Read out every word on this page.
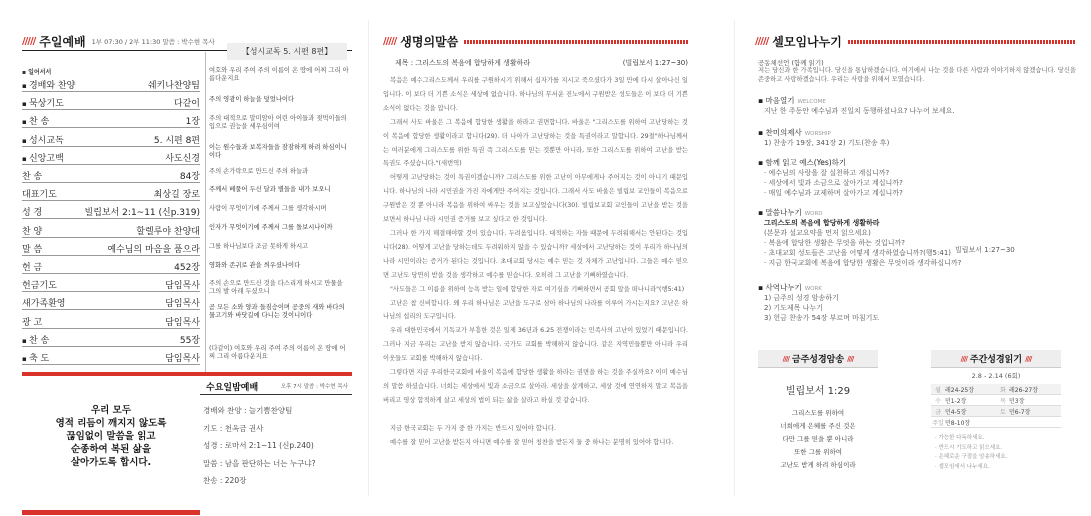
///// 주일예배 1부 07:30 / 2부 11:30 말씀 : 박수현 목사
▪ 일어서서
▪ 경배와 찬양	쉐키나찬양팀
▪ 묵상기도	다같이
▪ 찬 송	1장
▪ 성시교독	5. 시편 8편
▪ 신앙고백	사도신경
찬 송	84장
대표기도	최상길 장로
성 경	빌립보서 2:1~11 (신p.319)
찬 양	할렐루야 찬양대
말 씀	예수님의 마음을 품으라
헌 금	452장
헌금기도	담임목사
새가족환영	담임목사
광 고	담임목사
▪ 찬 송	55장
▪ 축 도	담임목사
【성시교독 5. 시편 8편】
여호와 우리 주여 주의 이름이 온 땅에 어찌 그리 아름다운지요
주의 영광이 하늘을 덮었나이다
주의 대적으로 말미암아 어린 아이들과 젖먹이들의 입으로 권능을 세우심이여
이는 원수들과 보복자들을 잠잠하게 하려 하심이니이다
주의 손가락으로 만드신 주의 하늘과
주께서 베풀어 두신 달과 별들을 내가 보오니
사람이 무엇이기에 주께서 그를 생각하시며
인자가 무엇이기에 주께서 그를 돌보시나이까
그를 하나님보다 조금 못하게 하시고
영화와 존귀로 관을 씌우셨나이다
주의 손으로 만드신 것을 다스리게 하시고 만물을 그의 발 아래 두셨으니
곧 모든 소와 양과 들짐승이며 공중의 새와 바다의 물고기와 바닷길에 다니는 것이니이다
(다같이) 여호와 우리 주여 주의 이름이 온 땅에 어찌 그리 아름다운지요
우리 모두
영적 리듬이 깨지지 않도록
끊임없이 말씀을 읽고
순종하여 복된 삶을
살아가도록 합시다.
수요일밤예배	오후 7시 말씀 : 박수현 목사
경배와 찬양 : 늘기쁨찬양팀
기도 : 천옥금 권사
성경 : 로마서 2:1~11 (신p.240)
말씀 : 남을 판단하는 너는 누구냐?
찬송 : 220장
///// 생명의말씀
제목 : 그리스도의 복음에 합당하게 생활하라	(빌립보서 1:27~30)

복음은 예수그리스도께서 우리를 구원하시기 위해서 십자가를 지시고 죽으셨다가 3일 만에 다시 살아나신 일입니다. 이 보다 더 기쁜 소식은 세상에 없습니다. 하나님의 무서운 진노에서 구원받은 성도들은 이 보다 더 기쁜 소식이 없다는 것을 압니다.

그래서 사도 바울은 그 복음에 합당한 생활을 하라고 권면합니다. 바울은 "그리스도를 위하여 고난당하는 것이 복음에 합당한 생활이라고 합니다(29). 더 나아가 고난당하는 것을 특권이라고 말합니다. 29절"하나님께서는 여러분에게 그리스도를 위한 특권 즉 그리스도를 믿는 것뿐만 아니라, 또한 그리스도를 위하여 고난을 받는 특권도 주셨습니다."(새번역)

어떻게 고난당하는 것이 특권이겠습니까? 그리스도를 위한 고난이 아무에게나 주어지는 것이 아니기 때문입니다. 하나님의 나라 시민권을 가진 자에게만 주어지는 것입니다. 그래서 사도 바울은 빌립보 교인들이 복음으로 구원받은 것 뿐 아니라 복음을 위하여 싸우는 것을 보고싶었습니다(30). 빌립보교회 교인들이 고난을 받는 것을 보면서 하나님 나라 시민권 증거를 보고 싶다고 한 것입니다.

그러나 한 가지 해결해야할 것이 있습니다. 두려움입니다. 대적하는 자들 때문에 두려워해서는 안된다는 것입니다(28). 어떻게 고난을 당하는데도 두려워하지 않을 수 있습니까? 세상에서 고난당하는 것이 우리가 하나님의 나라 시민이라는 증거가 된다는 것입니다. 초대교회 당시는 예수 믿는 것 자체가 고난입니다. 그들은 예수 믿으면 고난도 당연히 받을 것을 생각하고 예수를 믿습니다. 오히려 그 고난을 기뻐하였습니다.

"사도들은 그 이름을 위하여 능욕 받는 일에 합당한 자로 여기심을 기뻐하면서 공회 앞을 떠나니라"(행5:41)

고난은 참 신비합니다. 왜 우리 하나님은 고난을 도구로 삼아 하나님의 나라를 이루어 가시는지요? 고난은 하나님의 섭리의 도구입니다.

우리 대한민국에서 기독교가 부흥한 것은 일제 36년과 6.25 전쟁이라는 민족사의 고난이 있었기 때문입니다. 그러나 지금 우리는 고난을 받지 않습니다. 국가도 교회를 박해하지 않습니다. 같은 지역민들뿐만 아니라 우리 이웃들도 교회를 박해하지 않습니다.

그렇다면 지금 우리한국교회에 바울이 복음에 합당한 생활을 하라는 권면을 하는 것을 주실까요? 이미 예수님의 말씀 하셨습니다. 너희는 세상에서 빛과 소금으로 살아라. 세상을 살게하고, 세상 것에 연연하지 말고 복음을 버리고 영상 합적하게 살고 세상의 법이 되는 삶을 살라고 하실 것 같습니다.

지금 한국교회는 두 가지 중 한 가지는 반드시 있어야 합니다.

예수를 잘 믿어 고난을 받든지 아니면 예수를 잘 믿어 칭찬을 받든지 둘 중 하나는 분명히 있어야 합니다.

///// 셀모임나누기
공동체선언 (함께 읽기)
저는 당신과 한 가족입니다. 당신을 통납하겠습니다. 여기에서 나눈 것을 다른 사람과 이야기하지 않겠습니다. 당신을 존중하고 사랑하겠습니다. 우리는 사랑을 위해서 모였습니다.
▪ 마음열기 WELCOME
지난 한 주동안 예수님과 진일치 동행하셨나요? 나누어 보세요.
▪ 찬미의제사 WORSHIP
1) 찬송가 19장, 341장 2) 기도(찬송 후)
▪ 함께 읽고 예스(Yes)하기
· 예수님의 사랑을 잘 실천하고 계십니까?
· 세상에서 빛과 소금으로 살아가고 계십니까?
· 매일 예수님과 교제하며 살아가고 계십니까?
▪ 말씀나누기 WORD
그리스도의 복음에 합당하게 생활하라
(본문과 설교요약을 먼저 읽으세요)
· 복음에 합당한 생활은 무엇을 하는 것입니까?
· 초대교회 성도들은 고난을 어떻게 생각하였습니까?(행5:41)
· 지금 한국교회에 복음에 합당한 생활은 무엇이라 생각하십니까?
▪ 사역나누기 WORK
1) 금주의 성경 암송하기
2) 기도제목 나누기
3) 헌금 찬송가 54장 부르며 마침기도
빌립보서 1:27~30
//// 금주성경암송 ////
빌립보서 1:29
그리스도를 위하여
너희에게 은혜를 주신 것은
다만 그를 믿을 뿐 아니라
또한 그를 위하여
고난도 받게 하려 하심이라
//// 주간성경읽기 ////
2.8 - 2.14 (6회)
월 레24-25장	화 레26-27장
수 민1-2장	목 민3장
금 민4-5장	토 민6-7장
주일 민8-10장
· 가능한 다독하세요.
· 반드시 기도하고 읽으세요.
· 은혜로운 구절을 암송하세요.
· 셀모임에서 나누세요.
